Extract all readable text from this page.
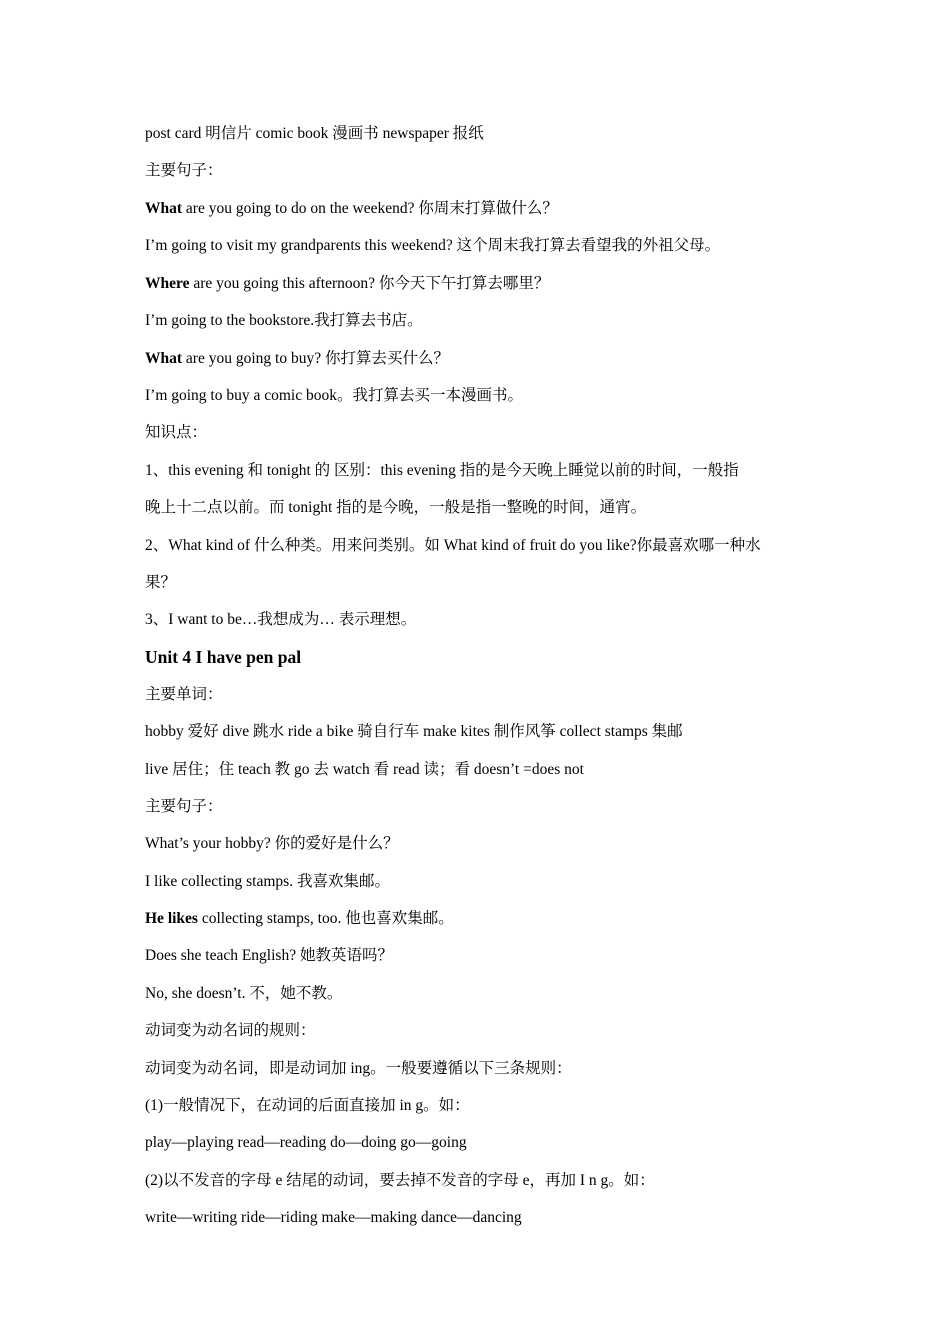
post card 明信片 comic book 漫画书 newspaper 报纸
主要句子：
What are you going to do on the weekend? 你周末打算做什么？
I’m going to visit my grandparents this weekend? 这个周末我打算去看望我的外祖父母。
Where are you going this afternoon? 你今天下午打算去哪里？
I’m going to the bookstore.我打算去书店。
What are you going to buy? 你打算去买什么？
I’m going to buy a comic book。我打算去买一本漫画书。
知识点：
1、this evening 和 tonight 的 区别：this evening 指的是今天晚上睡觉以前的时间，一般指
晚上十二点以前。而 tonight 指的是今晚，一般是指一整晚的时间，通宵。
2、What kind of 什么种类。用来问类别。如 What kind of fruit do you like?你最喜欢哪一种水
果？
3、I want to be…我想成为… 表示理想。
Unit 4 I have pen pal
主要单词：
hobby 爱好 dive 跳水 ride a bike 骑自行车 make kites 制作风筝 collect stamps 集邮
live 居住；住 teach 教 go 去 watch 看 read 读；看 doesn’t =does not
主要句子：
What’s your hobby? 你的爱好是什么？
I like collecting stamps. 我喜欢集邮。
He likes collecting stamps, too. 他也喜欢集邮。
Does she teach English? 她教英语吗？
No, she doesn’t. 不，她不教。
动词变为动名词的规则：
动词变为动名词，即是动词加 ing。一般要遵循以下三条规则：
(1)一般情况下，在动词的后面直接加 in g。如：
play—playing read—reading do—doing go—going
(2)以不发音的字母 e 结尾的动词，要去掉不发音的字母 e，再加 I n g。如：
write—writing ride—riding make—making dance—dancing
